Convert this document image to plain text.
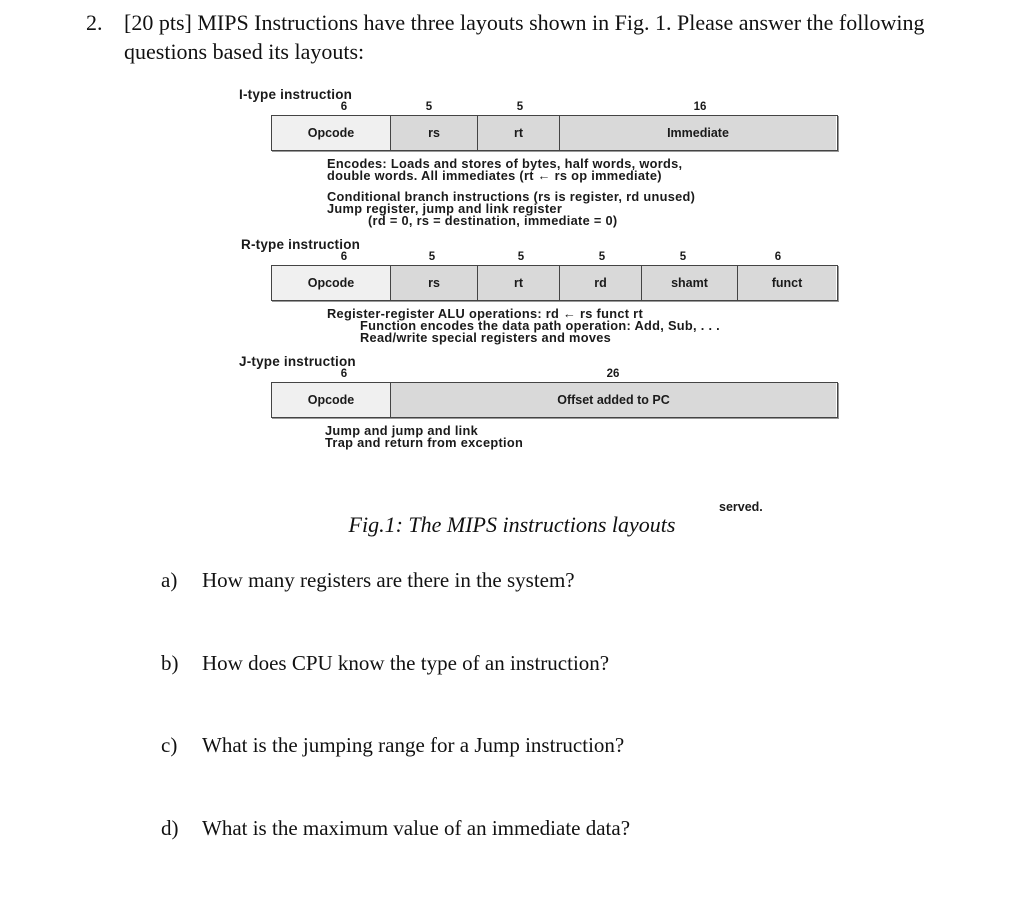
2. [20 pts] MIPS Instructions have three layouts shown in Fig. 1. Please answer the following questions based its layouts:
I-type instruction
6	5	5	16
Opcode	rs	rt	Immediate
Encodes: Loads and stores of bytes, half words, words,
double words. All immediates (rt ← rs op immediate)
Conditional branch instructions (rs is register, rd unused)
Jump register, jump and link register
(rd = 0, rs = destination, immediate = 0)
R-type instruction
6	5	5	5	5	6
Opcode	rs	rt	rd	shamt	funct
Register-register ALU operations: rd ← rs funct rt
Function encodes the data path operation: Add, Sub, . . .
Read/write special registers and moves
J-type instruction
6	26
Opcode	Offset added to PC
Jump and jump and link
Trap and return from exception
served.
Fig.1: The MIPS instructions layouts
a) How many registers are there in the system?
b) How does CPU know the type of an instruction?
c) What is the jumping range for a Jump instruction?
d) What is the maximum value of an immediate data?
